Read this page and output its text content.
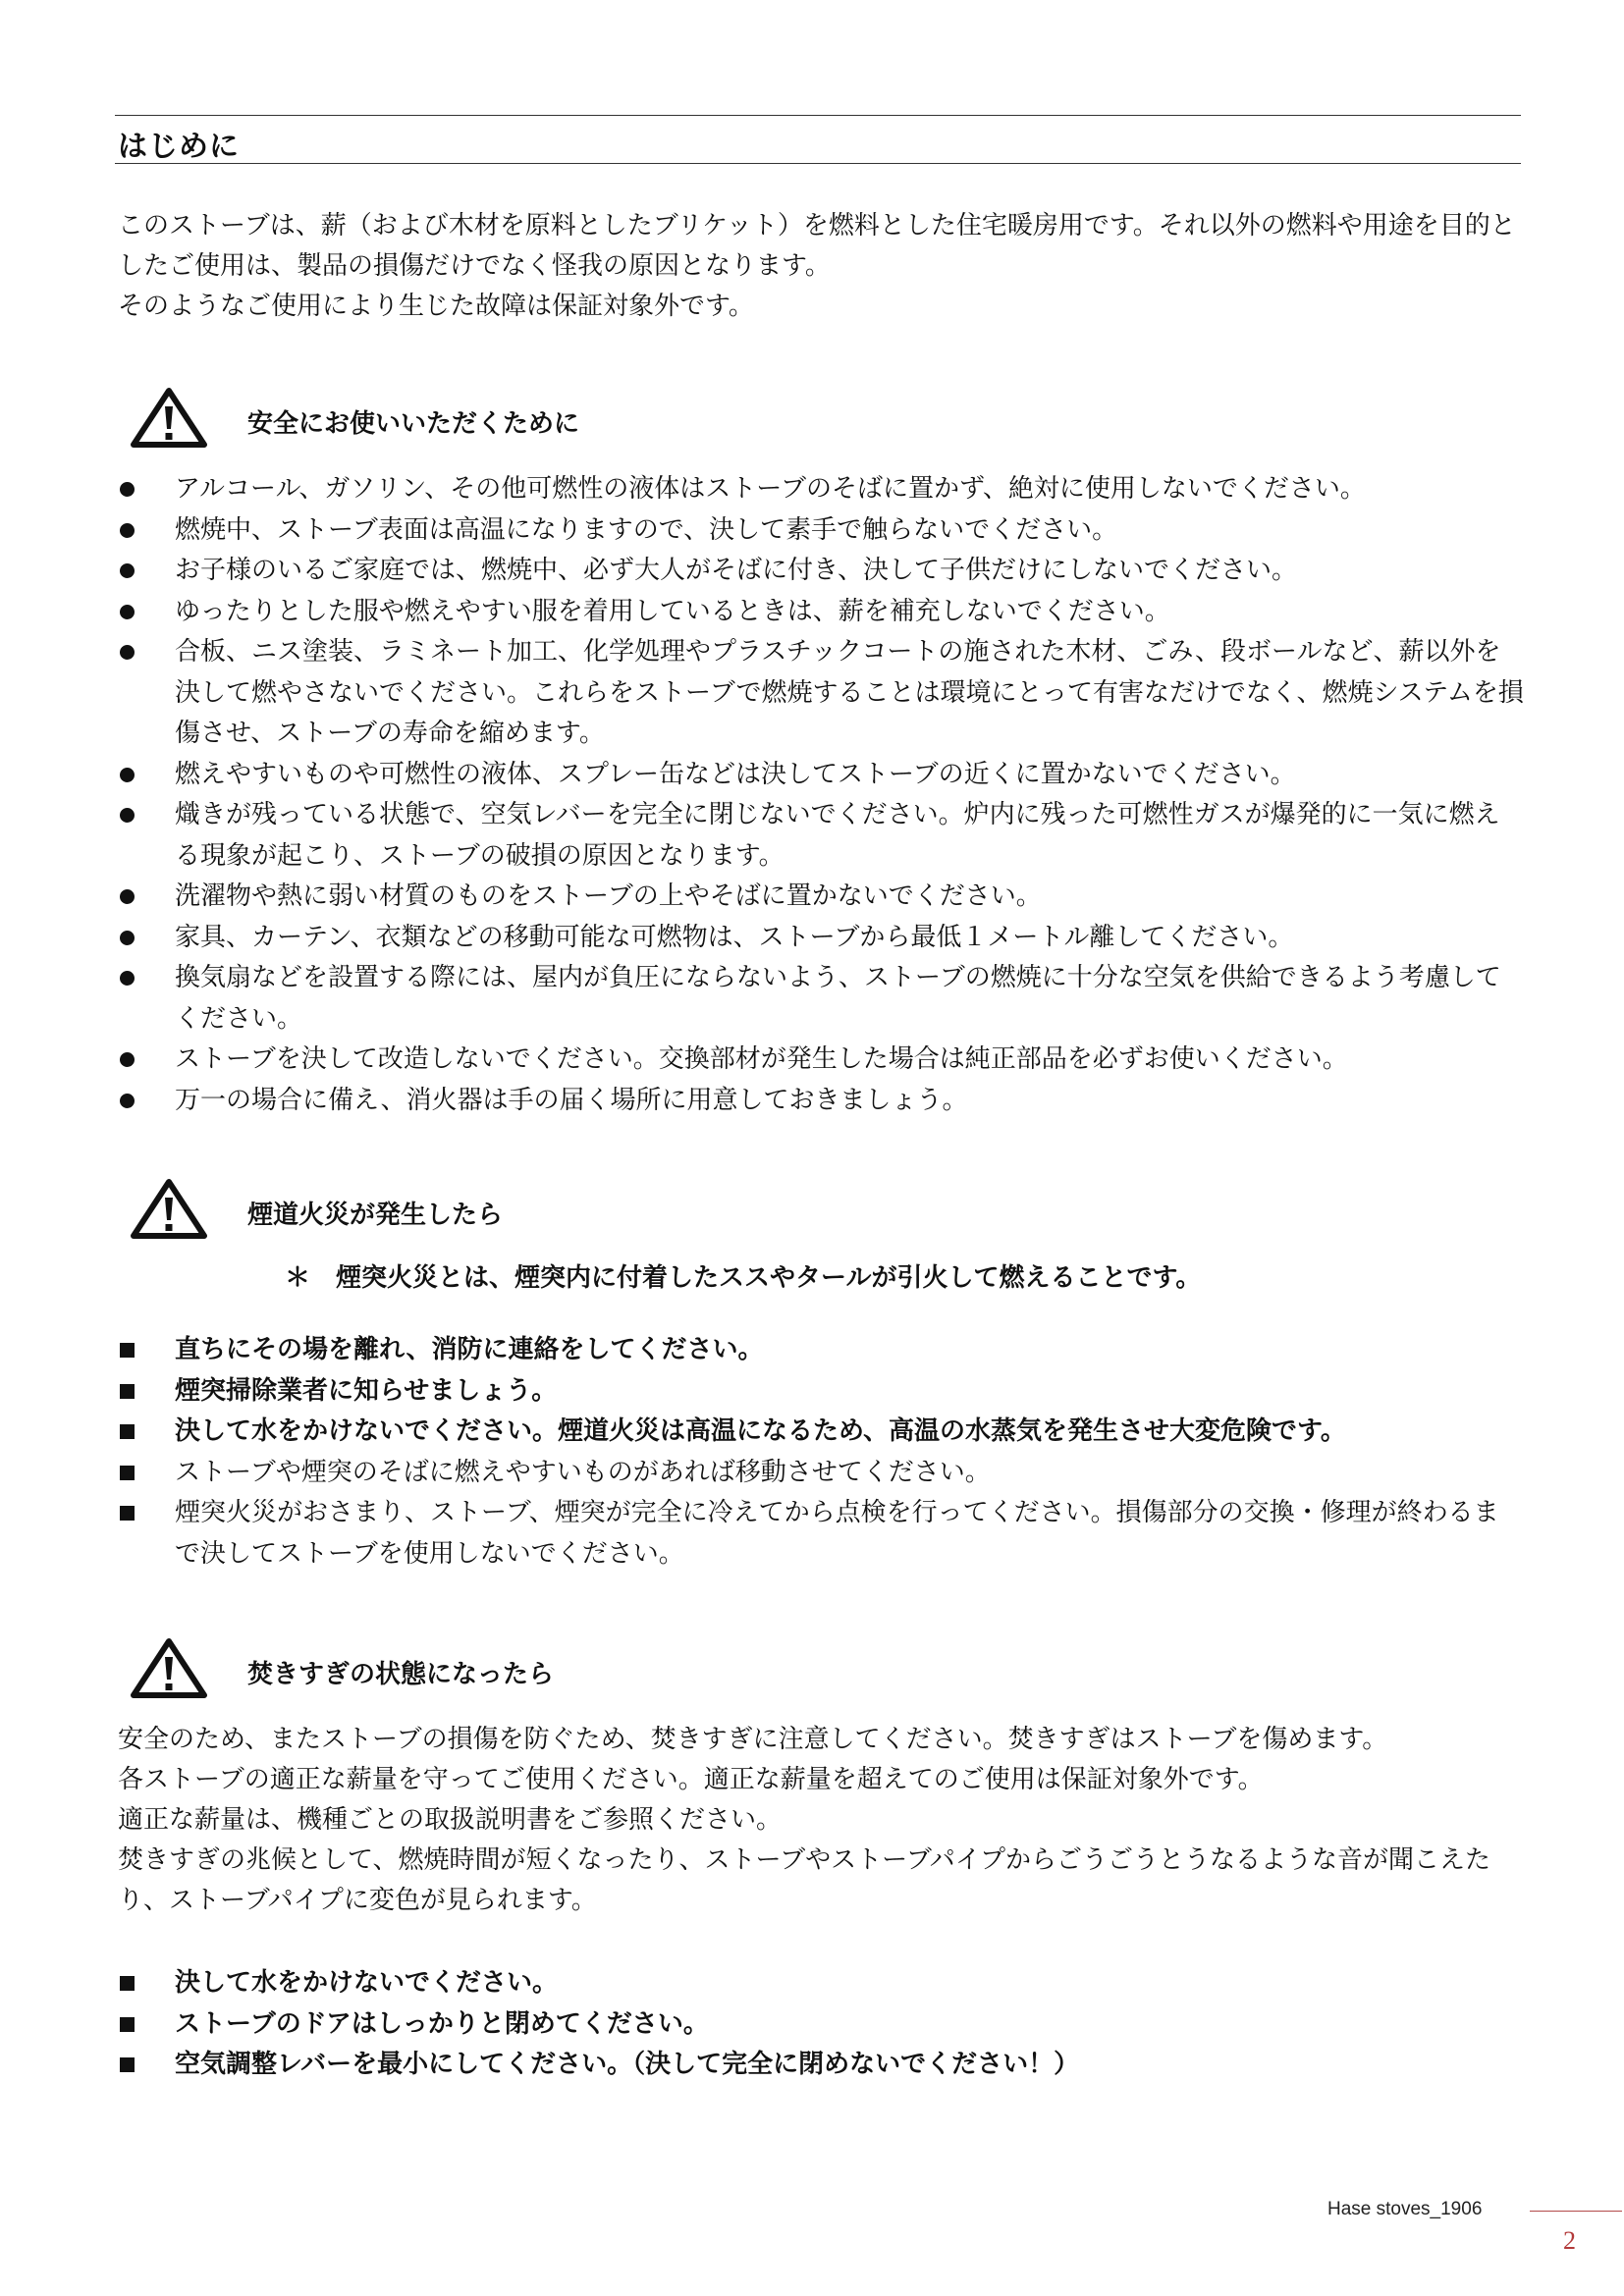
はじめに

このストーブは、薪（および木材を原料としたブリケット）を燃料とした住宅暖房用です。それ以外の燃料や用途を目的としたご使用は、製品の損傷だけでなく怪我の原因となります。

そのようなご使用により生じた故障は保証対象外です。

安全にお使いいただくために
アルコール、ガソリン、その他可燃性の液体はストーブのそばに置かず、絶対に使用しないでください。
燃焼中、ストーブ表面は高温になりますので、決して素手で触らないでください。
お子様のいるご家庭では、燃焼中、必ず大人がそばに付き、決して子供だけにしないでください。
ゆったりとした服や燃えやすい服を着用しているときは、薪を補充しないでください。
合板、ニス塗装、ラミネート加工、化学処理やプラスチックコートの施された木材、ごみ、段ボールなど、薪以外を決して燃やさないでください。これらをストーブで燃焼することは環境にとって有害なだけでなく、燃焼システムを損傷させ、ストーブの寿命を縮めます。
燃えやすいものや可燃性の液体、スプレー缶などは決してストーブの近くに置かないでください。
熾きが残っている状態で、空気レバーを完全に閉じないでください。炉内に残った可燃性ガスが爆発的に一気に燃える現象が起こり、ストーブの破損の原因となります。
洗濯物や熱に弱い材質のものをストーブの上やそばに置かないでください。
家具、カーテン、衣類などの移動可能な可燃物は、ストーブから最低１メートル離してください。
換気扇などを設置する際には、屋内が負圧にならないよう、ストーブの燃焼に十分な空気を供給できるよう考慮してください。
ストーブを決して改造しないでください。交換部材が発生した場合は純正部品を必ずお使いください。
万一の場合に備え、消火器は手の届く場所に用意しておきましょう。
煙道火災が発生したら
＊　煙突火災とは、煙突内に付着したススやタールが引火して燃えることです。
直ちにその場を離れ、消防に連絡をしてください。
煙突掃除業者に知らせましょう。
決して水をかけないでください。煙道火災は高温になるため、高温の水蒸気を発生させ大変危険です。
ストーブや煙突のそばに燃えやすいものがあれば移動させてください。
煙突火災がおさまり、ストーブ、煙突が完全に冷えてから点検を行ってください。損傷部分の交換・修理が終わるまで決してストーブを使用しないでください。
焚きすぎの状態になったら

安全のため、またストーブの損傷を防ぐため、焚きすぎに注意してください。焚きすぎはストーブを傷めます。

各ストーブの適正な薪量を守ってご使用ください。適正な薪量を超えてのご使用は保証対象外です。

適正な薪量は、機種ごとの取扱説明書をご参照ください。

焚きすぎの兆候として、燃焼時間が短くなったり、ストーブやストーブパイプからごうごうとうなるような音が聞こえたり、ストーブパイプに変色が見られます。

決して水をかけないでください。
ストーブのドアはしっかりと閉めてください。
空気調整レバーを最小にしてください。（決して完全に閉めないでください！）
Hase stoves_1906
2
